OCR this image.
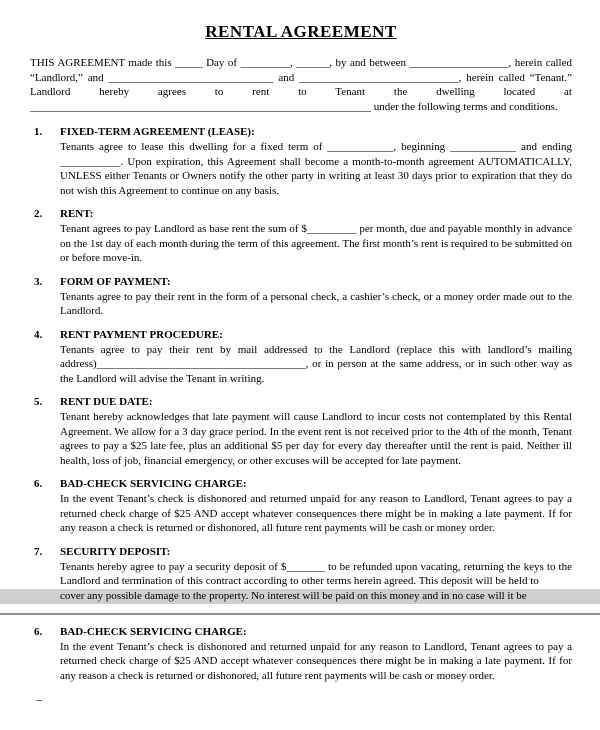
RENTAL AGREEMENT

THIS AGREEMENT made this _____ Day of _________, ______, by and between __________________, herein called “Landlord,” and ______________________________ and _____________________________, herein called “Tenant.” Landlord hereby agrees to rent to Tenant the dwelling located at ______________________________________________________________ under the following terms and conditions.

1.	FIXED-TERM AGREEMENT (LEASE):
Tenants agree to lease this dwelling for a fixed term of ____________, beginning ____________ and ending ___________. Upon expiration, this Agreement shall become a month-to-month agreement AUTOMATICALLY, UNLESS either Tenants or Owners notify the other party in writing at least 30 days prior to expiration that they do not wish this Agreement to continue on any basis.
2.	RENT:
Tenant agrees to pay Landlord as base rent the sum of $_________ per month, due and payable monthly in advance on the 1st day of each month during the term of this agreement. The first month’s rent is required to be submitted on or before move-in.
3.	FORM OF PAYMENT:
Tenants agree to pay their rent in the form of a personal check, a cashier’s check, or a money order made out to the Landlord.
4.	RENT PAYMENT PROCEDURE:
Tenants agree to pay their rent by mail addressed to the Landlord (replace this with landlord’s mailing address)______________________________________, or in person at the same address, or in such other way as the Landlord will advise the Tenant in writing.
5.	RENT DUE DATE:
Tenant hereby acknowledges that late payment will cause Landlord to incur costs not contemplated by this Rental Agreement. We allow for a 3 day grace period. In the event rent is not received prior to the 4th of the month, Tenant agrees to pay a $25 late fee, plus an additional $5 per day for every day thereafter until the rent is paid. Neither ill health, loss of job, financial emergency, or other excuses will be accepted for late payment.
6.	BAD-CHECK SERVICING CHARGE:
In the event Tenant’s check is dishonored and returned unpaid for any reason to Landlord, Tenant agrees to pay a returned check charge of $25 AND accept whatever consequences there might be in making a late payment. If for any reason a check is returned or dishonored, all future rent payments will be cash or money order.
7.	SECURITY DEPOSIT:
Tenants hereby agree to pay a security deposit of $_______ to be refunded upon vacating, returning the keys to the Landlord and termination of this contract according to other terms herein agreed. This deposit will be held to
cover any possible damage to the property. No interest will be paid on this money and in no case will it be
6.	BAD-CHECK SERVICING CHARGE:
In the event Tenant’s check is dishonored and returned unpaid for any reason to Landlord, Tenant agrees to pay a returned check charge of $25 AND accept whatever consequences there might be in making a late payment. If for any reason a check is returned or dishonored, all future rent payments will be cash or money order.
–
